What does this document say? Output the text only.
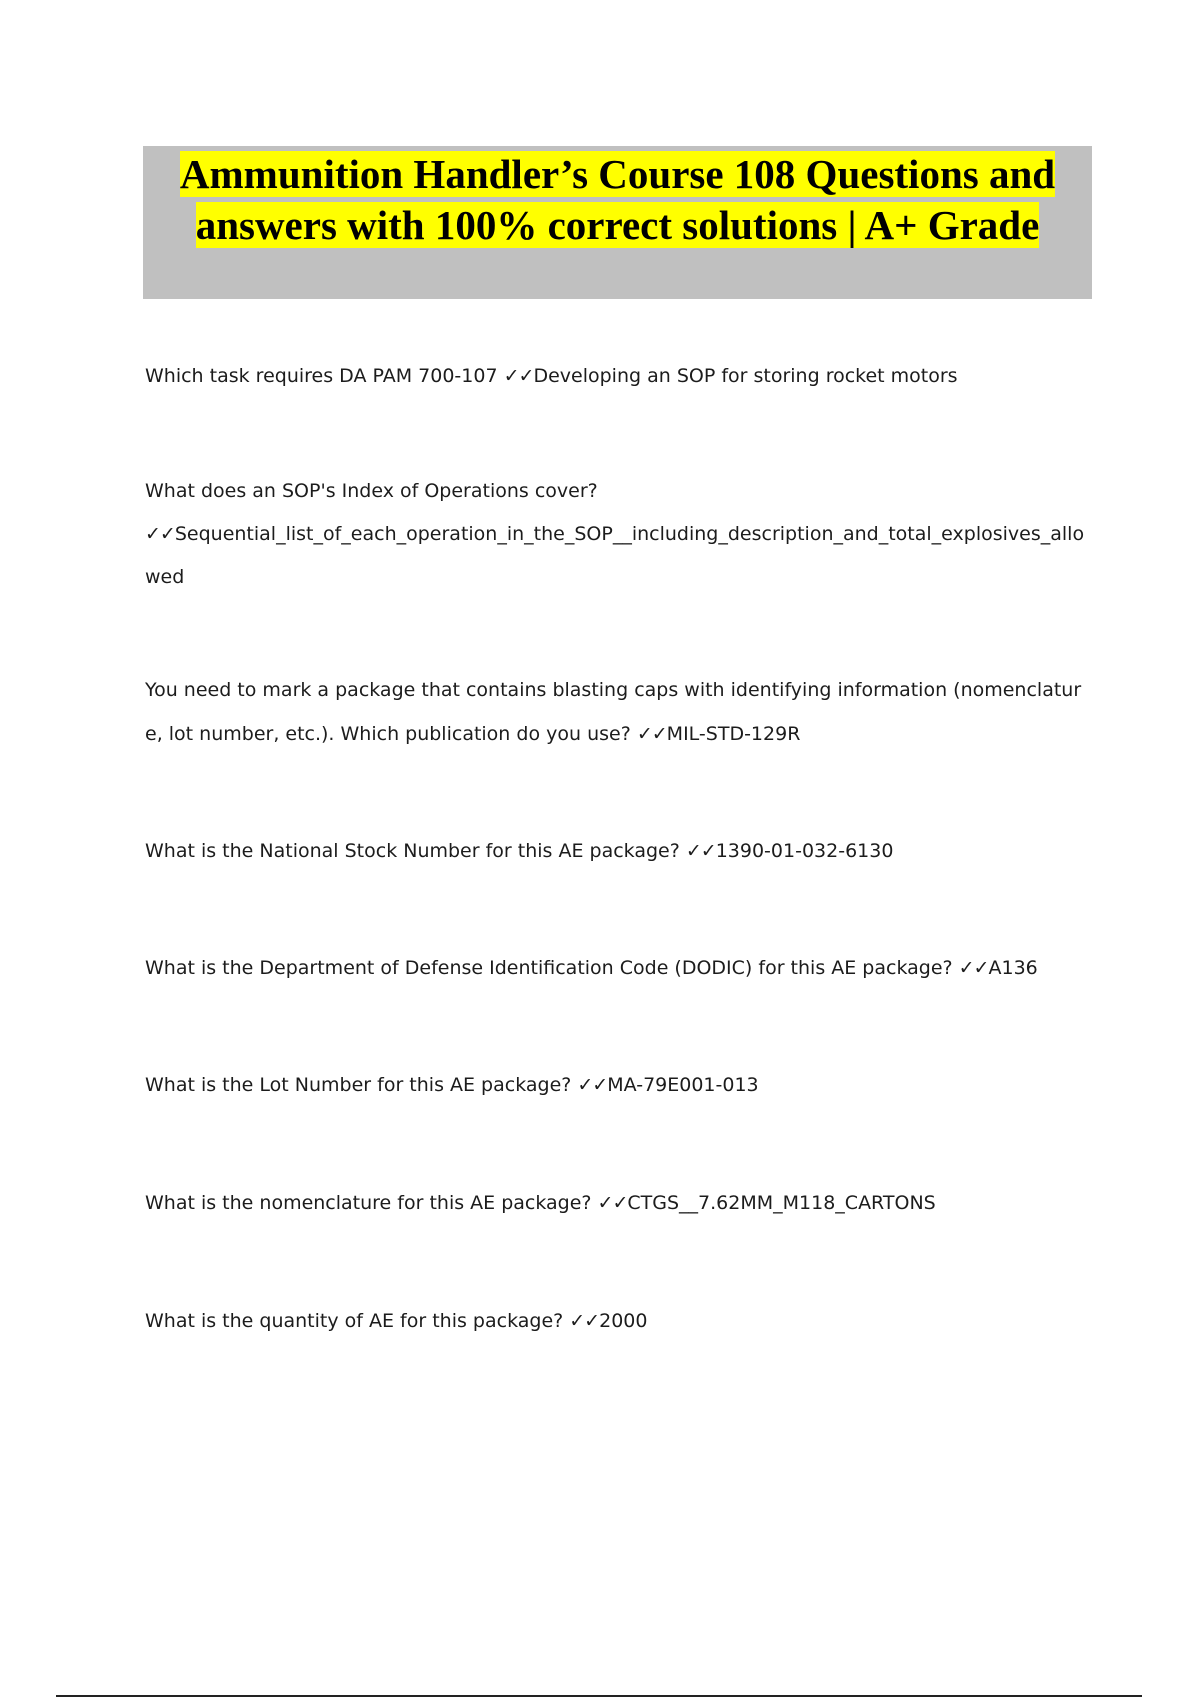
Ammunition Handler’s Course 108 Questions and answers with 100% correct solutions | A+ Grade
Which task requires DA PAM 700-107 ✓✓Developing an SOP for storing rocket motors
What does an SOP's Index of Operations cover?
✓✓Sequential_list_of_each_operation_in_the_SOP__including_description_and_total_explosives_allowed
You need to mark a package that contains blasting caps with identifying information (nomenclature, lot number, etc.). Which publication do you use? ✓✓MIL-STD-129R
What is the National Stock Number for this AE package? ✓✓1390-01-032-6130
What is the Department of Defense Identification Code (DODIC) for this AE package? ✓✓A136
What is the Lot Number for this AE package? ✓✓MA-79E001-013
What is the nomenclature for this AE package? ✓✓CTGS__7.62MM_M118_CARTONS
What is the quantity of AE for this package? ✓✓2000
